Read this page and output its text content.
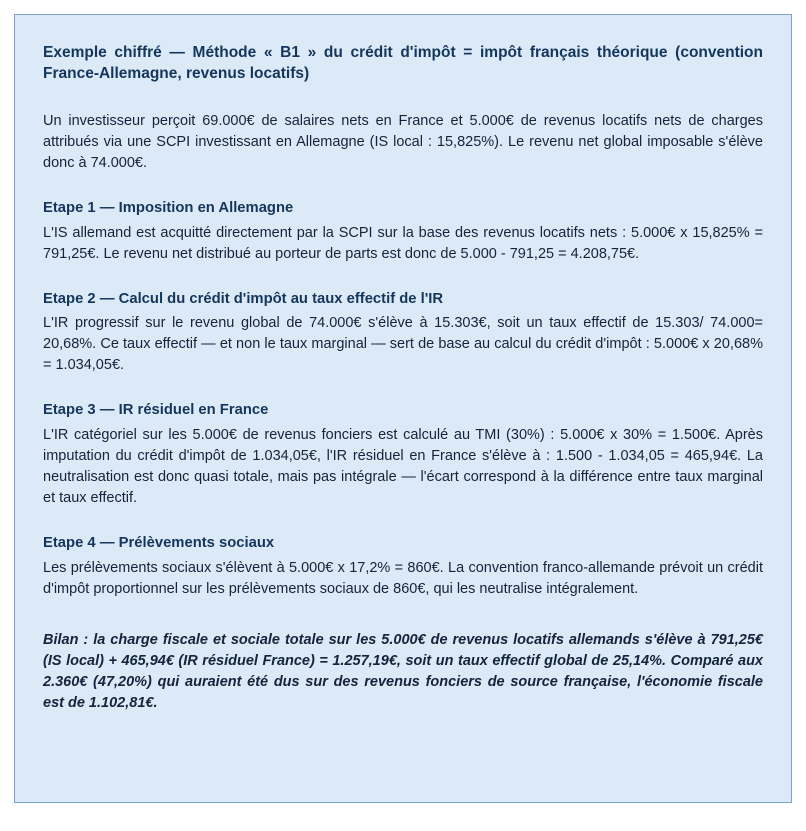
Exemple chiffré — Méthode « B1 » du crédit d'impôt = impôt français théorique (convention France-Allemagne, revenus locatifs)

Un investisseur perçoit 69.000€ de salaires nets en France et 5.000€ de revenus locatifs nets de charges attribués via une SCPI investissant en Allemagne (IS local : 15,825%). Le revenu net global imposable s'élève donc à 74.000€.

Etape 1 — Imposition en Allemagne

L'IS allemand est acquitté directement par la SCPI sur la base des revenus locatifs nets : 5.000€ x 15,825% = 791,25€. Le revenu net distribué au porteur de parts est donc de 5.000 - 791,25 = 4.208,75€.

Etape 2 — Calcul du crédit d'impôt au taux effectif de l'IR

L'IR progressif sur le revenu global de 74.000€ s'élève à 15.303€, soit un taux effectif de 15.303/ 74.000= 20,68%. Ce taux effectif — et non le taux marginal — sert de base au calcul du crédit d'impôt : 5.000€ x 20,68% = 1.034,05€.

Etape 3 — IR résiduel en France

L'IR catégoriel sur les 5.000€ de revenus fonciers est calculé au TMI (30%) : 5.000€ x 30% = 1.500€. Après imputation du crédit d'impôt de 1.034,05€, l'IR résiduel en France s'élève à : 1.500 - 1.034,05 = 465,94€. La neutralisation est donc quasi totale, mais pas intégrale — l'écart correspond à la différence entre taux marginal et taux effectif.

Etape 4 — Prélèvements sociaux

Les prélèvements sociaux s'élèvent à 5.000€ x 17,2% = 860€. La convention franco-allemande prévoit un crédit d'impôt proportionnel sur les prélèvements sociaux de 860€, qui les neutralise intégralement.

Bilan : la charge fiscale et sociale totale sur les 5.000€ de revenus locatifs allemands s'élève à 791,25€ (IS local) + 465,94€ (IR résiduel France) = 1.257,19€, soit un taux effectif global de 25,14%. Comparé aux 2.360€ (47,20%) qui auraient été dus sur des revenus fonciers de source française, l'économie fiscale est de 1.102,81€.
